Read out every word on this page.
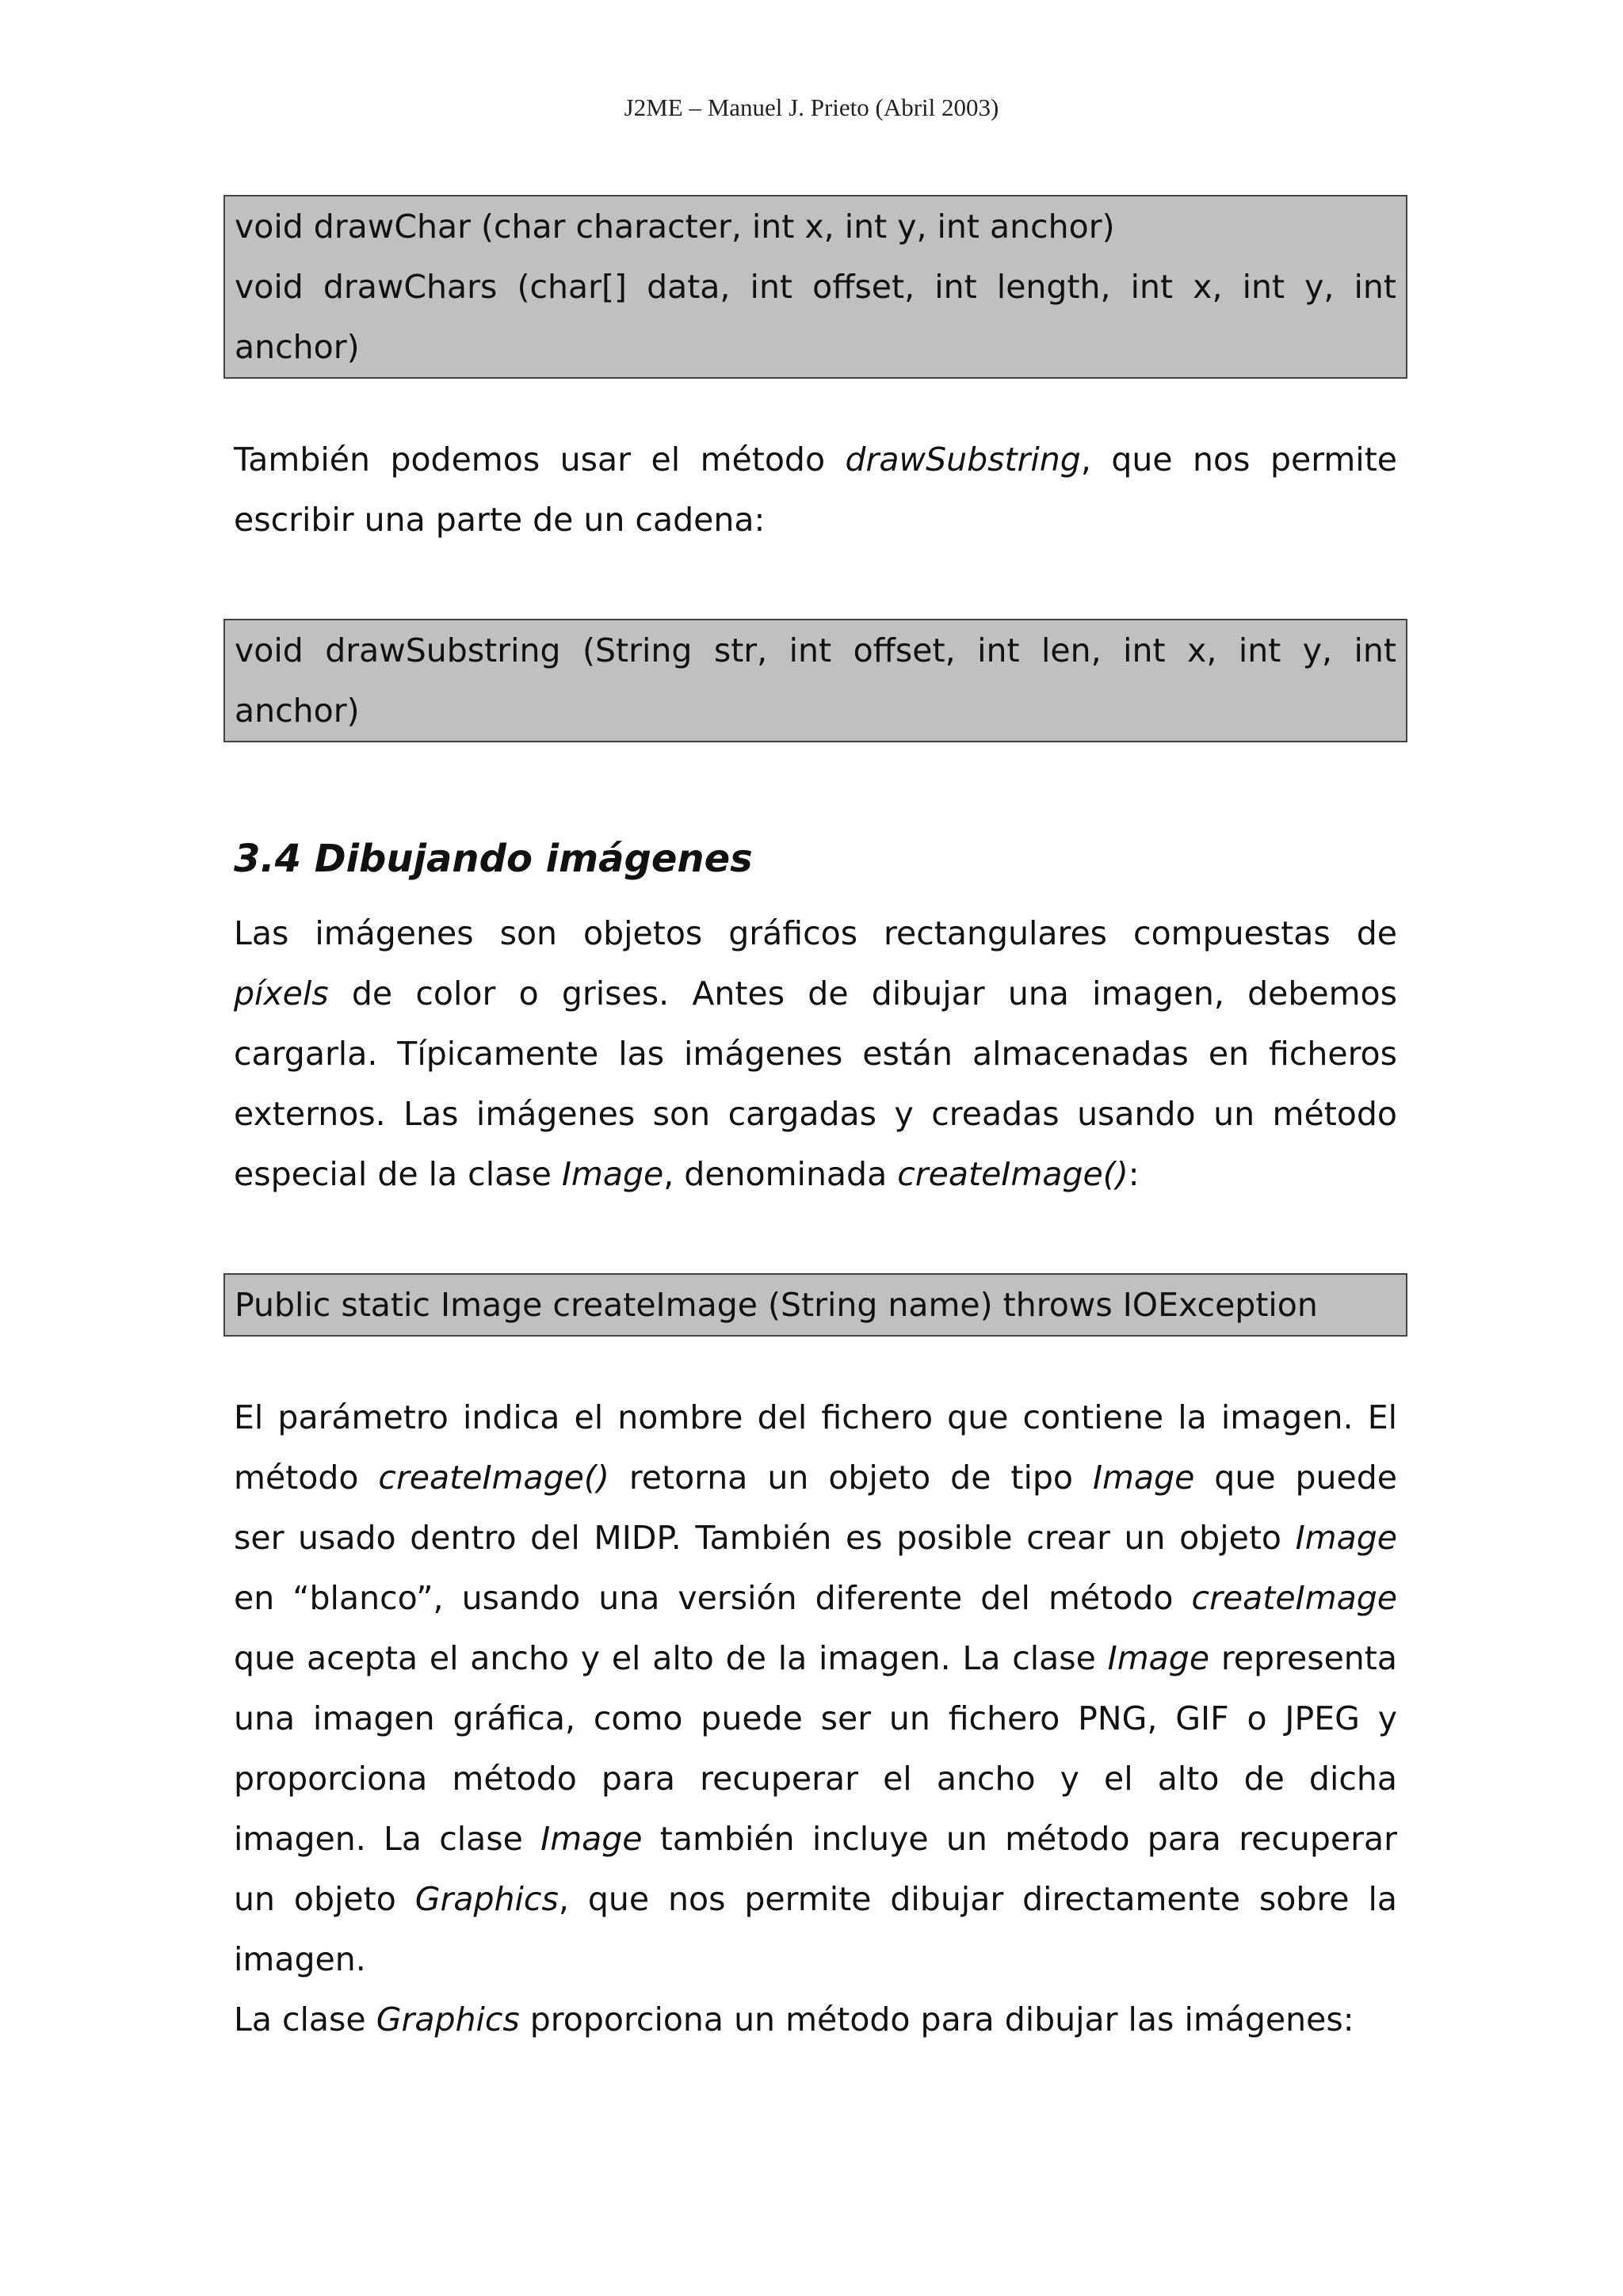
J2ME – Manuel J. Prieto (Abril 2003)
void drawChar (char character, int x, int y, int anchor)
void drawChars (char[] data, int offset, int length, int x, int y, int
anchor)
También podemos usar el método drawSubstring, que nos permite
escribir una parte de un cadena:
void drawSubstring (String str, int offset, int len, int x, int y, int
anchor)
3.4 Dibujando imágenes
Las imágenes son objetos gráficos rectangulares compuestas de
píxels de color o grises. Antes de dibujar una imagen, debemos
cargarla. Típicamente las imágenes están almacenadas en ficheros
externos. Las imágenes son cargadas y creadas usando un método
especial de la clase Image, denominada createImage():
Public static Image createImage (String name) throws IOException
El parámetro indica el nombre del fichero que contiene la imagen. El
método createImage() retorna un objeto de tipo Image que puede
ser usado dentro del MIDP. También es posible crear un objeto Image
en “blanco”, usando una versión diferente del método createImage
que acepta el ancho y el alto de la imagen. La clase Image representa
una imagen gráfica, como puede ser un fichero PNG, GIF o JPEG y
proporciona método para recuperar el ancho y el alto de dicha
imagen. La clase Image también incluye un método para recuperar
un objeto Graphics, que nos permite dibujar directamente sobre la
imagen.
La clase Graphics proporciona un método para dibujar las imágenes:
